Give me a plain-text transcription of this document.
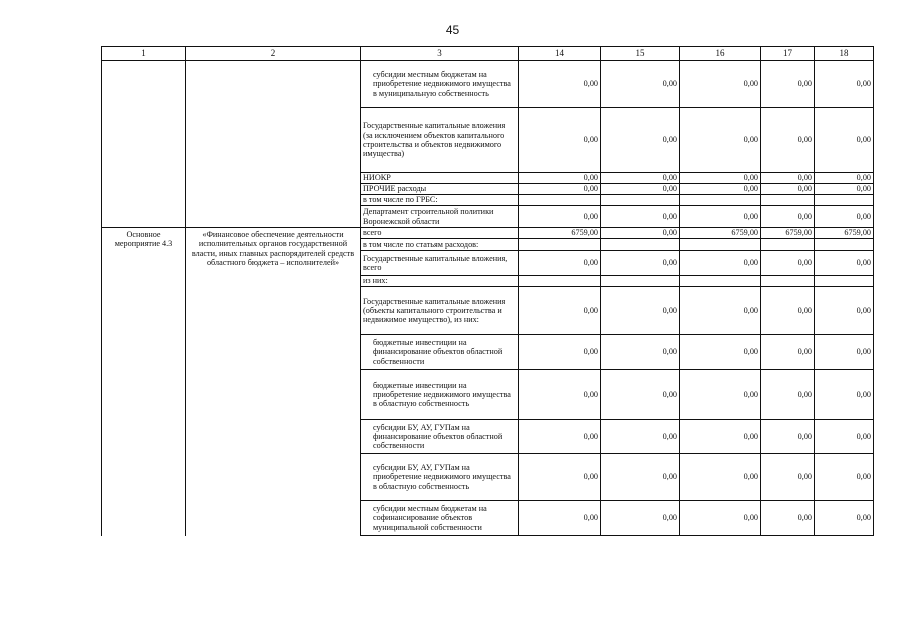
45
1	2	3	14	15	16	17	18
		субсидии местным бюджетам на приобретение недвижимого имущества в муниципальную собственность	0,00	0,00	0,00	0,00	0,00
		Государственные капитальные вложения (за исключением объектов капитального строительства и объектов недвижимого имущества)	0,00	0,00	0,00	0,00	0,00
		НИОКР	0,00	0,00	0,00	0,00	0,00
		ПРОЧИЕ расходы	0,00	0,00	0,00	0,00	0,00
		в том числе по ГРБС:					
		Департамент строительной политики Воронежской области	0,00	0,00	0,00	0,00	0,00
Основное мероприятие 4.3	«Финансовое обеспечение деятельности исполнительных органов государственной власти, иных главных распорядителей средств областного бюджета – исполнителей»	всего	6759,00	0,00	6759,00	6759,00	6759,00
		в том числе по статьям расходов:					
		Государственные капитальные вложения, всего	0,00	0,00	0,00	0,00	0,00
		из них:					
		Государственные капитальные вложения (объекты капитального строительства и недвижимое имущество), из них:	0,00	0,00	0,00	0,00	0,00
		бюджетные инвестиции на финансирование объектов областной собственности	0,00	0,00	0,00	0,00	0,00
		бюджетные инвестиции на приобретение недвижимого имущества в областную собственность	0,00	0,00	0,00	0,00	0,00
		субсидии БУ, АУ, ГУПам на финансирование объектов областной собственности	0,00	0,00	0,00	0,00	0,00
		субсидии БУ, АУ, ГУПам на приобретение недвижимого имущества в областную собственность	0,00	0,00	0,00	0,00	0,00
		субсидии местным бюджетам на софинансирование объектов муниципальной собственности	0,00	0,00	0,00	0,00	0,00
